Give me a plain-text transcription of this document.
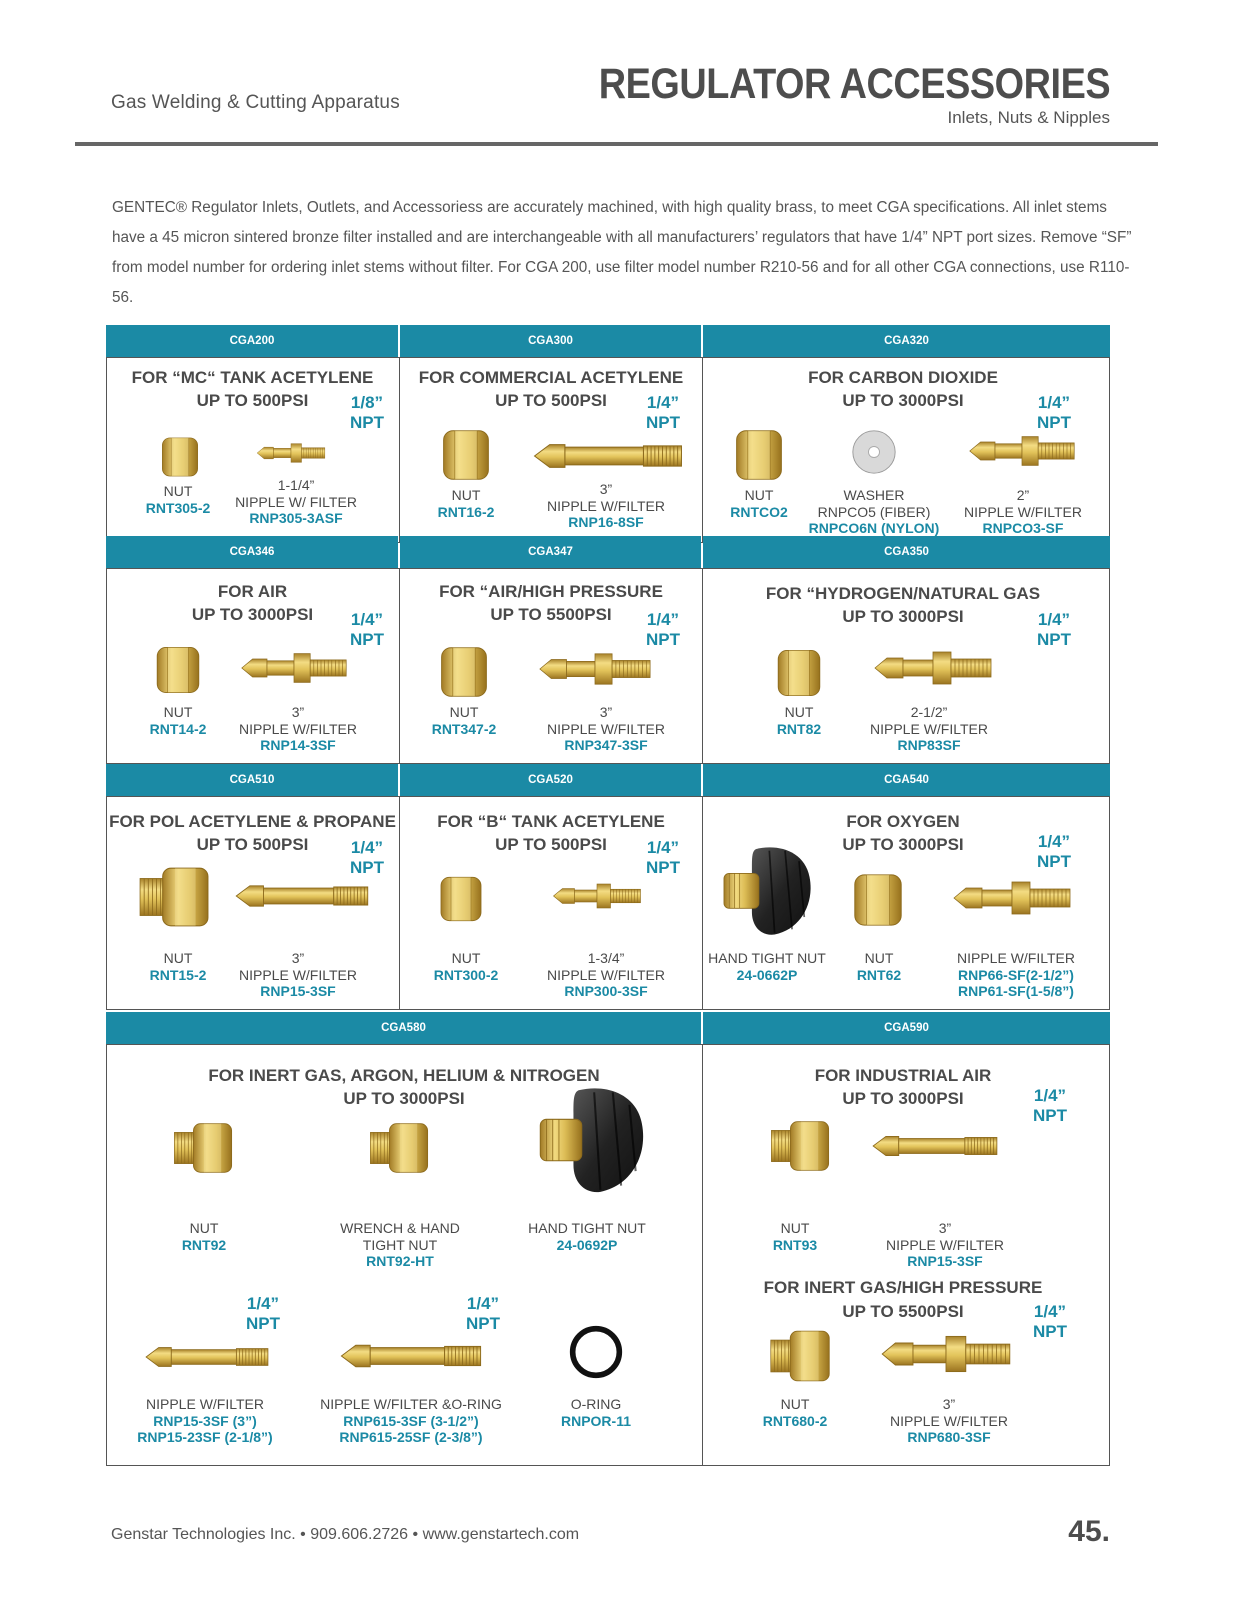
Gas Welding & Cutting Apparatus	REGULATOR ACCESSORIES
Inlets, Nuts & Nipples

GENTEC® Regulator Inlets, Outlets, and Accessoriess are accurately machined, with high quality brass, to meet CGA specifications. All inlet stems have a 45 micron sintered bronze filter installed and are interchangeable with all manufacturers’ regulators that have 1/4” NPT port sizes. Remove “SF” from model number for ordering inlet stems without filter. For CGA 200, use filter model number R210-56 and for all other CGA connections, use R110-56.

CGA200	CGA300	CGA320
FOR “MC“ TANK ACETYLENE
UP TO 500PSI	1/8”
NPT
NUT
RNT305-2
1-1/4”
NIPPLE W/ FILTER
RNP305-3ASF
FOR COMMERCIAL ACETYLENE
UP TO 500PSI	1/4”
NPT
NUT
RNT16-2
3”
NIPPLE W/FILTER
RNP16-8SF
FOR CARBON DIOXIDE
UP TO 3000PSI	1/4”
NPT
NUT
RNTCO2
WASHER
RNPCO5 (FIBER)
RNPCO6N (NYLON)
2”
NIPPLE W/FILTER
RNPCO3-SF
CGA346	CGA347	CGA350
FOR AIR
UP TO 3000PSI	1/4”
NPT
NUT
RNT14-2
3”
NIPPLE W/FILTER
RNP14-3SF
FOR “AIR/HIGH PRESSURE
UP TO 5500PSI	1/4”
NPT
NUT
RNT347-2
3”
NIPPLE W/FILTER
RNP347-3SF
FOR “HYDROGEN/NATURAL GAS
UP TO 3000PSI	1/4”
NPT
NUT
RNT82
2-1/2”
NIPPLE W/FILTER
RNP83SF
CGA510	CGA520	CGA540
FOR POL ACETYLENE & PROPANE
UP TO 500PSI	1/4”
NPT
NUT
RNT15-2
3”
NIPPLE W/FILTER
RNP15-3SF
FOR “B“ TANK ACETYLENE
UP TO 500PSI	1/4”
NPT
NUT
RNT300-2
1-3/4”
NIPPLE W/FILTER
RNP300-3SF
FOR OXYGEN
UP TO 3000PSI	1/4”
NPT
HAND TIGHT NUT
24-0662P
NUT
RNT62
NIPPLE W/FILTER
RNP66-SF(2-1/2”)
RNP61-SF(1-5/8”)
CGA580	CGA590
FOR INERT GAS, ARGON, HELIUM & NITROGEN
UP TO 3000PSI
NUT
RNT92
WRENCH & HAND
TIGHT NUT
RNT92-HT
HAND TIGHT NUT
24-0692P
1/4”
NPT
1/4”
NPT
NIPPLE W/FILTER
RNP15-3SF (3”)
RNP15-23SF (2-1/8”)
NIPPLE W/FILTER &O-RING
RNP615-3SF (3-1/2”)
RNP615-25SF (2-3/8”)
O-RING
RNPOR-11
FOR INDUSTRIAL AIR
UP TO 3000PSI	1/4”
NPT
NUT
RNT93
3”
NIPPLE W/FILTER
RNP15-3SF
FOR INERT GAS/HIGH PRESSURE
UP TO 5500PSI	1/4”
NPT
NUT
RNT680-2
3”
NIPPLE W/FILTER
RNP680-3SF
Genstar Technologies Inc. • 909.606.2726 • www.genstartech.com	45.
